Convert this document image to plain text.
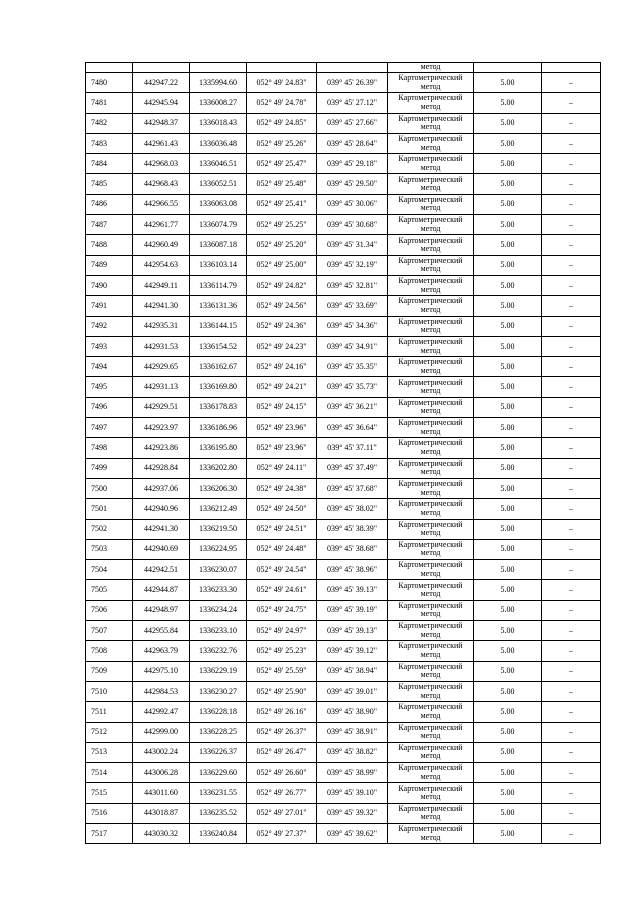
					метод		
7480	442947.22	1335994.60	052° 49' 24.83"	039° 45' 26.39"	Картометрический метод	5.00	–
7481	442945.94	1336008.27	052° 49' 24.78"	039° 45' 27.12"	Картометрический метод	5.00	–
7482	442948.37	1336018.43	052° 49' 24.85"	039° 45' 27.66"	Картометрический метод	5.00	–
7483	442961.43	1336036.48	052° 49' 25.26"	039° 45' 28.64"	Картометрический метод	5.00	–
7484	442968.03	1336046.51	052° 49' 25.47"	039° 45' 29.18"	Картометрический метод	5.00	–
7485	442968.43	1336052.51	052° 49' 25.48"	039° 45' 29.50"	Картометрический метод	5.00	–
7486	442966.55	1336063.08	052° 49' 25.41"	039° 45' 30.06"	Картометрический метод	5.00	–
7487	442961.77	1336074.79	052° 49' 25.25"	039° 45' 30.68"	Картометрический метод	5.00	–
7488	442960.49	1336087.18	052° 49' 25.20"	039° 45' 31.34"	Картометрический метод	5.00	–
7489	442954.63	1336103.14	052° 49' 25.00"	039° 45' 32.19"	Картометрический метод	5.00	–
7490	442949.11	1336114.79	052° 49' 24.82"	039° 45' 32.81"	Картометрический метод	5.00	–
7491	442941.30	1336131.36	052° 49' 24.56"	039° 45' 33.69"	Картометрический метод	5.00	–
7492	442935.31	1336144.15	052° 49' 24.36"	039° 45' 34.36"	Картометрический метод	5.00	–
7493	442931.53	1336154.52	052° 49' 24.23"	039° 45' 34.91"	Картометрический метод	5.00	–
7494	442929.65	1336162.67	052° 49' 24.16"	039° 45' 35.35"	Картометрический метод	5.00	–
7495	442931.13	1336169.80	052° 49' 24.21"	039° 45' 35.73"	Картометрический метод	5.00	–
7496	442929.51	1336178.83	052° 49' 24.15"	039° 45' 36.21"	Картометрический метод	5.00	–
7497	442923.97	1336186.96	052° 49' 23.96"	039° 45' 36.64"	Картометрический метод	5.00	–
7498	442923.86	1336195.80	052° 49' 23.96"	039° 45' 37.11"	Картометрический метод	5.00	–
7499	442928.84	1336202.80	052° 49' 24.11"	039° 45' 37.49"	Картометрический метод	5.00	–
7500	442937.06	1336206.30	052° 49' 24.38"	039° 45' 37.68"	Картометрический метод	5.00	–
7501	442940.96	1336212.49	052° 49' 24.50"	039° 45' 38.02"	Картометрический метод	5.00	–
7502	442941.30	1336219.50	052° 49' 24.51"	039° 45' 38.39"	Картометрический метод	5.00	–
7503	442940.69	1336224.95	052° 49' 24.48"	039° 45' 38.68"	Картометрический метод	5.00	–
7504	442942.51	1336230.07	052° 49' 24.54"	039° 45' 38.96"	Картометрический метод	5.00	–
7505	442944.87	1336233.30	052° 49' 24.61"	039° 45' 39.13"	Картометрический метод	5.00	–
7506	442948.97	1336234.24	052° 49' 24.75"	039° 45' 39.19"	Картометрический метод	5.00	–
7507	442955.84	1336233.10	052° 49' 24.97"	039° 45' 39.13"	Картометрический метод	5.00	–
7508	442963.79	1336232.76	052° 49' 25.23"	039° 45' 39.12"	Картометрический метод	5.00	–
7509	442975.10	1336229.19	052° 49' 25.59"	039° 45' 38.94"	Картометрический метод	5.00	–
7510	442984.53	1336230.27	052° 49' 25.90"	039° 45' 39.01"	Картометрический метод	5.00	–
7511	442992.47	1336228.18	052° 49' 26.16"	039° 45' 38.90"	Картометрический метод	5.00	–
7512	442999.00	1336228.25	052° 49' 26.37"	039° 45' 38.91"	Картометрический метод	5.00	–
7513	443002.24	1336226.37	052° 49' 26.47"	039° 45' 38.82"	Картометрический метод	5.00	–
7514	443006.28	1336229.60	052° 49' 26.60"	039° 45' 38.99"	Картометрический метод	5.00	–
7515	443011.60	1336231.55	052° 49' 26.77"	039° 45' 39.10"	Картометрический метод	5.00	–
7516	443018.87	1336235.52	052° 49' 27.01"	039° 45' 39.32"	Картометрический метод	5.00	–
7517	443030.32	1336240.84	052° 49' 27.37"	039° 45' 39.62"	Картометрический метод	5.00	–
